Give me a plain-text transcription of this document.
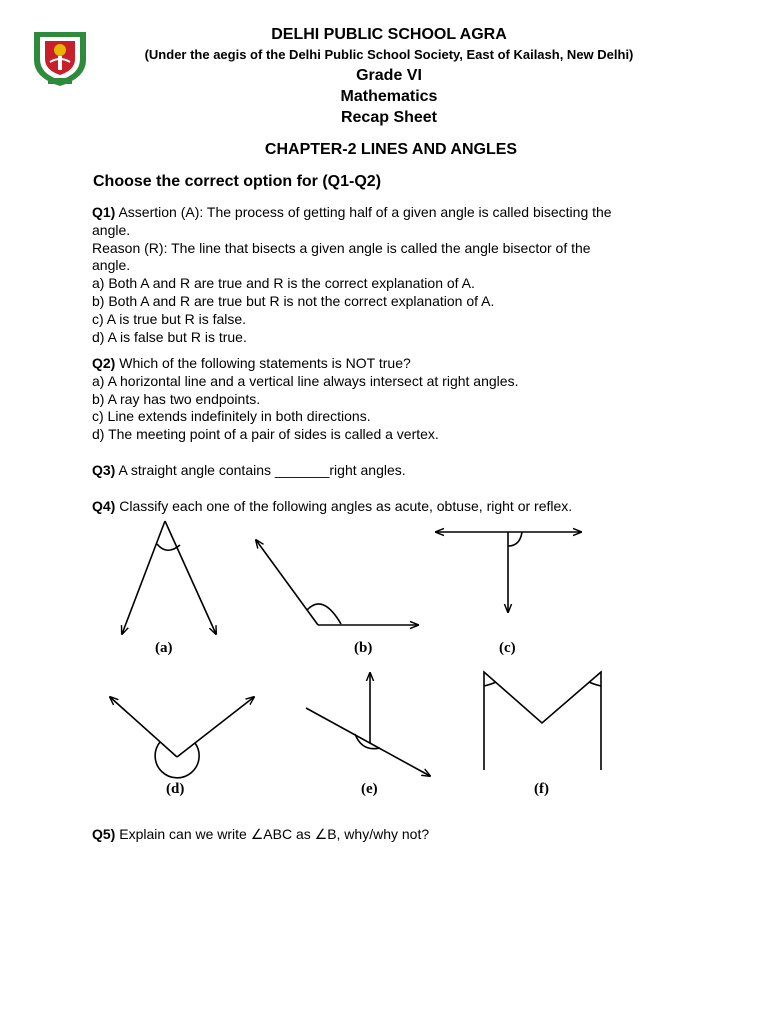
DELHI PUBLIC SCHOOL AGRA

(Under the aegis of the Delhi Public School Society, East of Kailash, New Delhi)

Grade VI

Mathematics

Recap Sheet

CHAPTER-2 LINES AND ANGLES

Choose the correct option for (Q1-Q2)

Q1) Assertion (A): The process of getting half of a given angle is called bisecting the
angle.
Reason (R): The line that bisects a given angle is called the angle bisector of the
angle.
a) Both A and R are true and R is the correct explanation of A.
b) Both A and R are true but R is not the correct explanation of A.
c) A is true but R is false.
d) A is false but R is true.

Q2) Which of the following statements is NOT true?
a) A horizontal line and a vertical line always intersect at right angles.
b) A ray has two endpoints.
c) Line extends indefinitely in both directions.
d) The meeting point of a pair of sides is called a vertex.

Q3) A straight angle contains _______right angles.

Q4) Classify each one of the following angles as acute, obtuse, right or reflex.

(a)	(b)	(c)
(d)	(e)	(f)

Q5) Explain can we write ∠ABC as ∠B, why/why not?
